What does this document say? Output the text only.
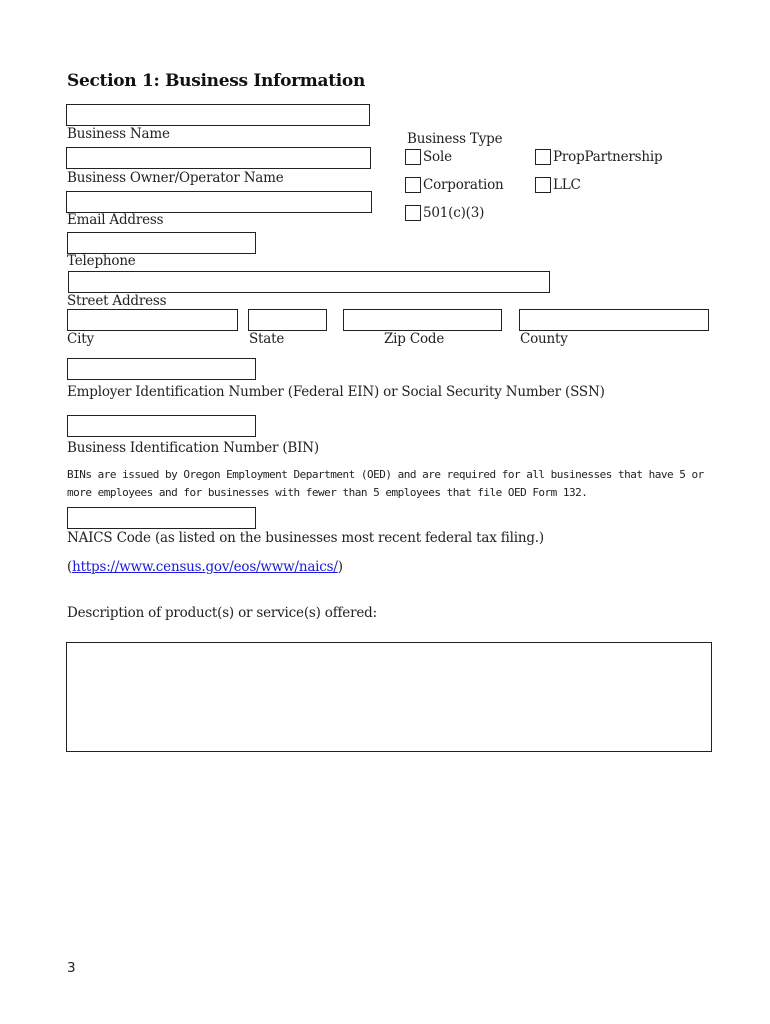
Section 1: Business Information
Business Name
Business Owner/Operator Name
Email Address
Business Type
Sole	PropPartnership
Corporation	LLC
501(c)(3)
Telephone
Street Address
City	State	Zip Code	County
Employer Identification Number (Federal EIN) or Social Security Number (SSN)
Business Identification Number (BIN)
BINs are issued by Oregon Employment Department (OED) and are required for all businesses that have 5 or
more employees and for businesses with fewer than 5 employees that file OED Form 132.
NAICS Code (as listed on the businesses most recent federal tax filing.)
(https://www.census.gov/eos/www/naics/)
Description of product(s) or service(s) offered:
3
